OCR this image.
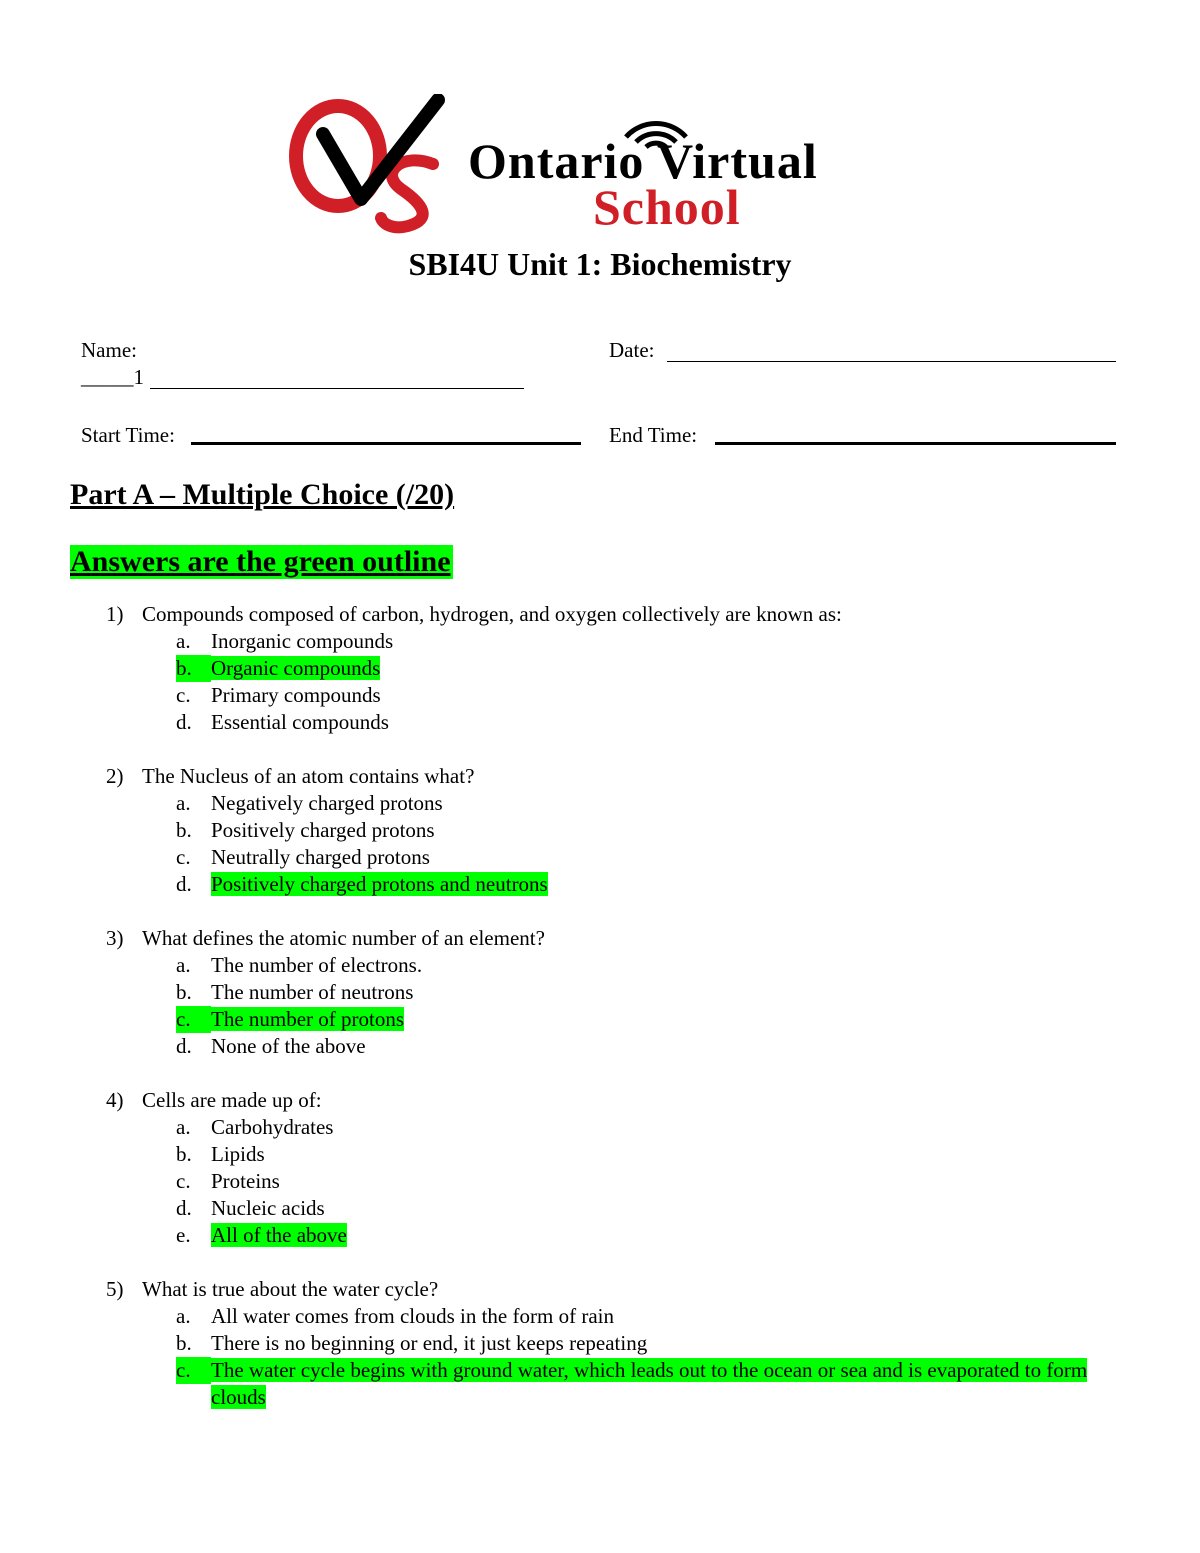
Ontario Virtual
School
SBI4U Unit 1: Biochemistry
Name:
_____1
Date:
Start Time:	End Time:
Part A – Multiple Choice (/20)
Answers are the green outline
1) Compounds composed of carbon, hydrogen, and oxygen collectively are known as:
a. Inorganic compounds
b. Organic compounds
c. Primary compounds
d. Essential compounds
2) The Nucleus of an atom contains what?
a. Negatively charged protons
b. Positively charged protons
c. Neutrally charged protons
d. Positively charged protons and neutrons
3) What defines the atomic number of an element?
a. The number of electrons.
b. The number of neutrons
c. The number of protons
d. None of the above
4) Cells are made up of:
a. Carbohydrates
b. Lipids
c. Proteins
d. Nucleic acids
e. All of the above
5) What is true about the water cycle?
a. All water comes from clouds in the form of rain
b. There is no beginning or end, it just keeps repeating
c. The water cycle begins with ground water, which leads out to the ocean or sea and is evaporated to form clouds
